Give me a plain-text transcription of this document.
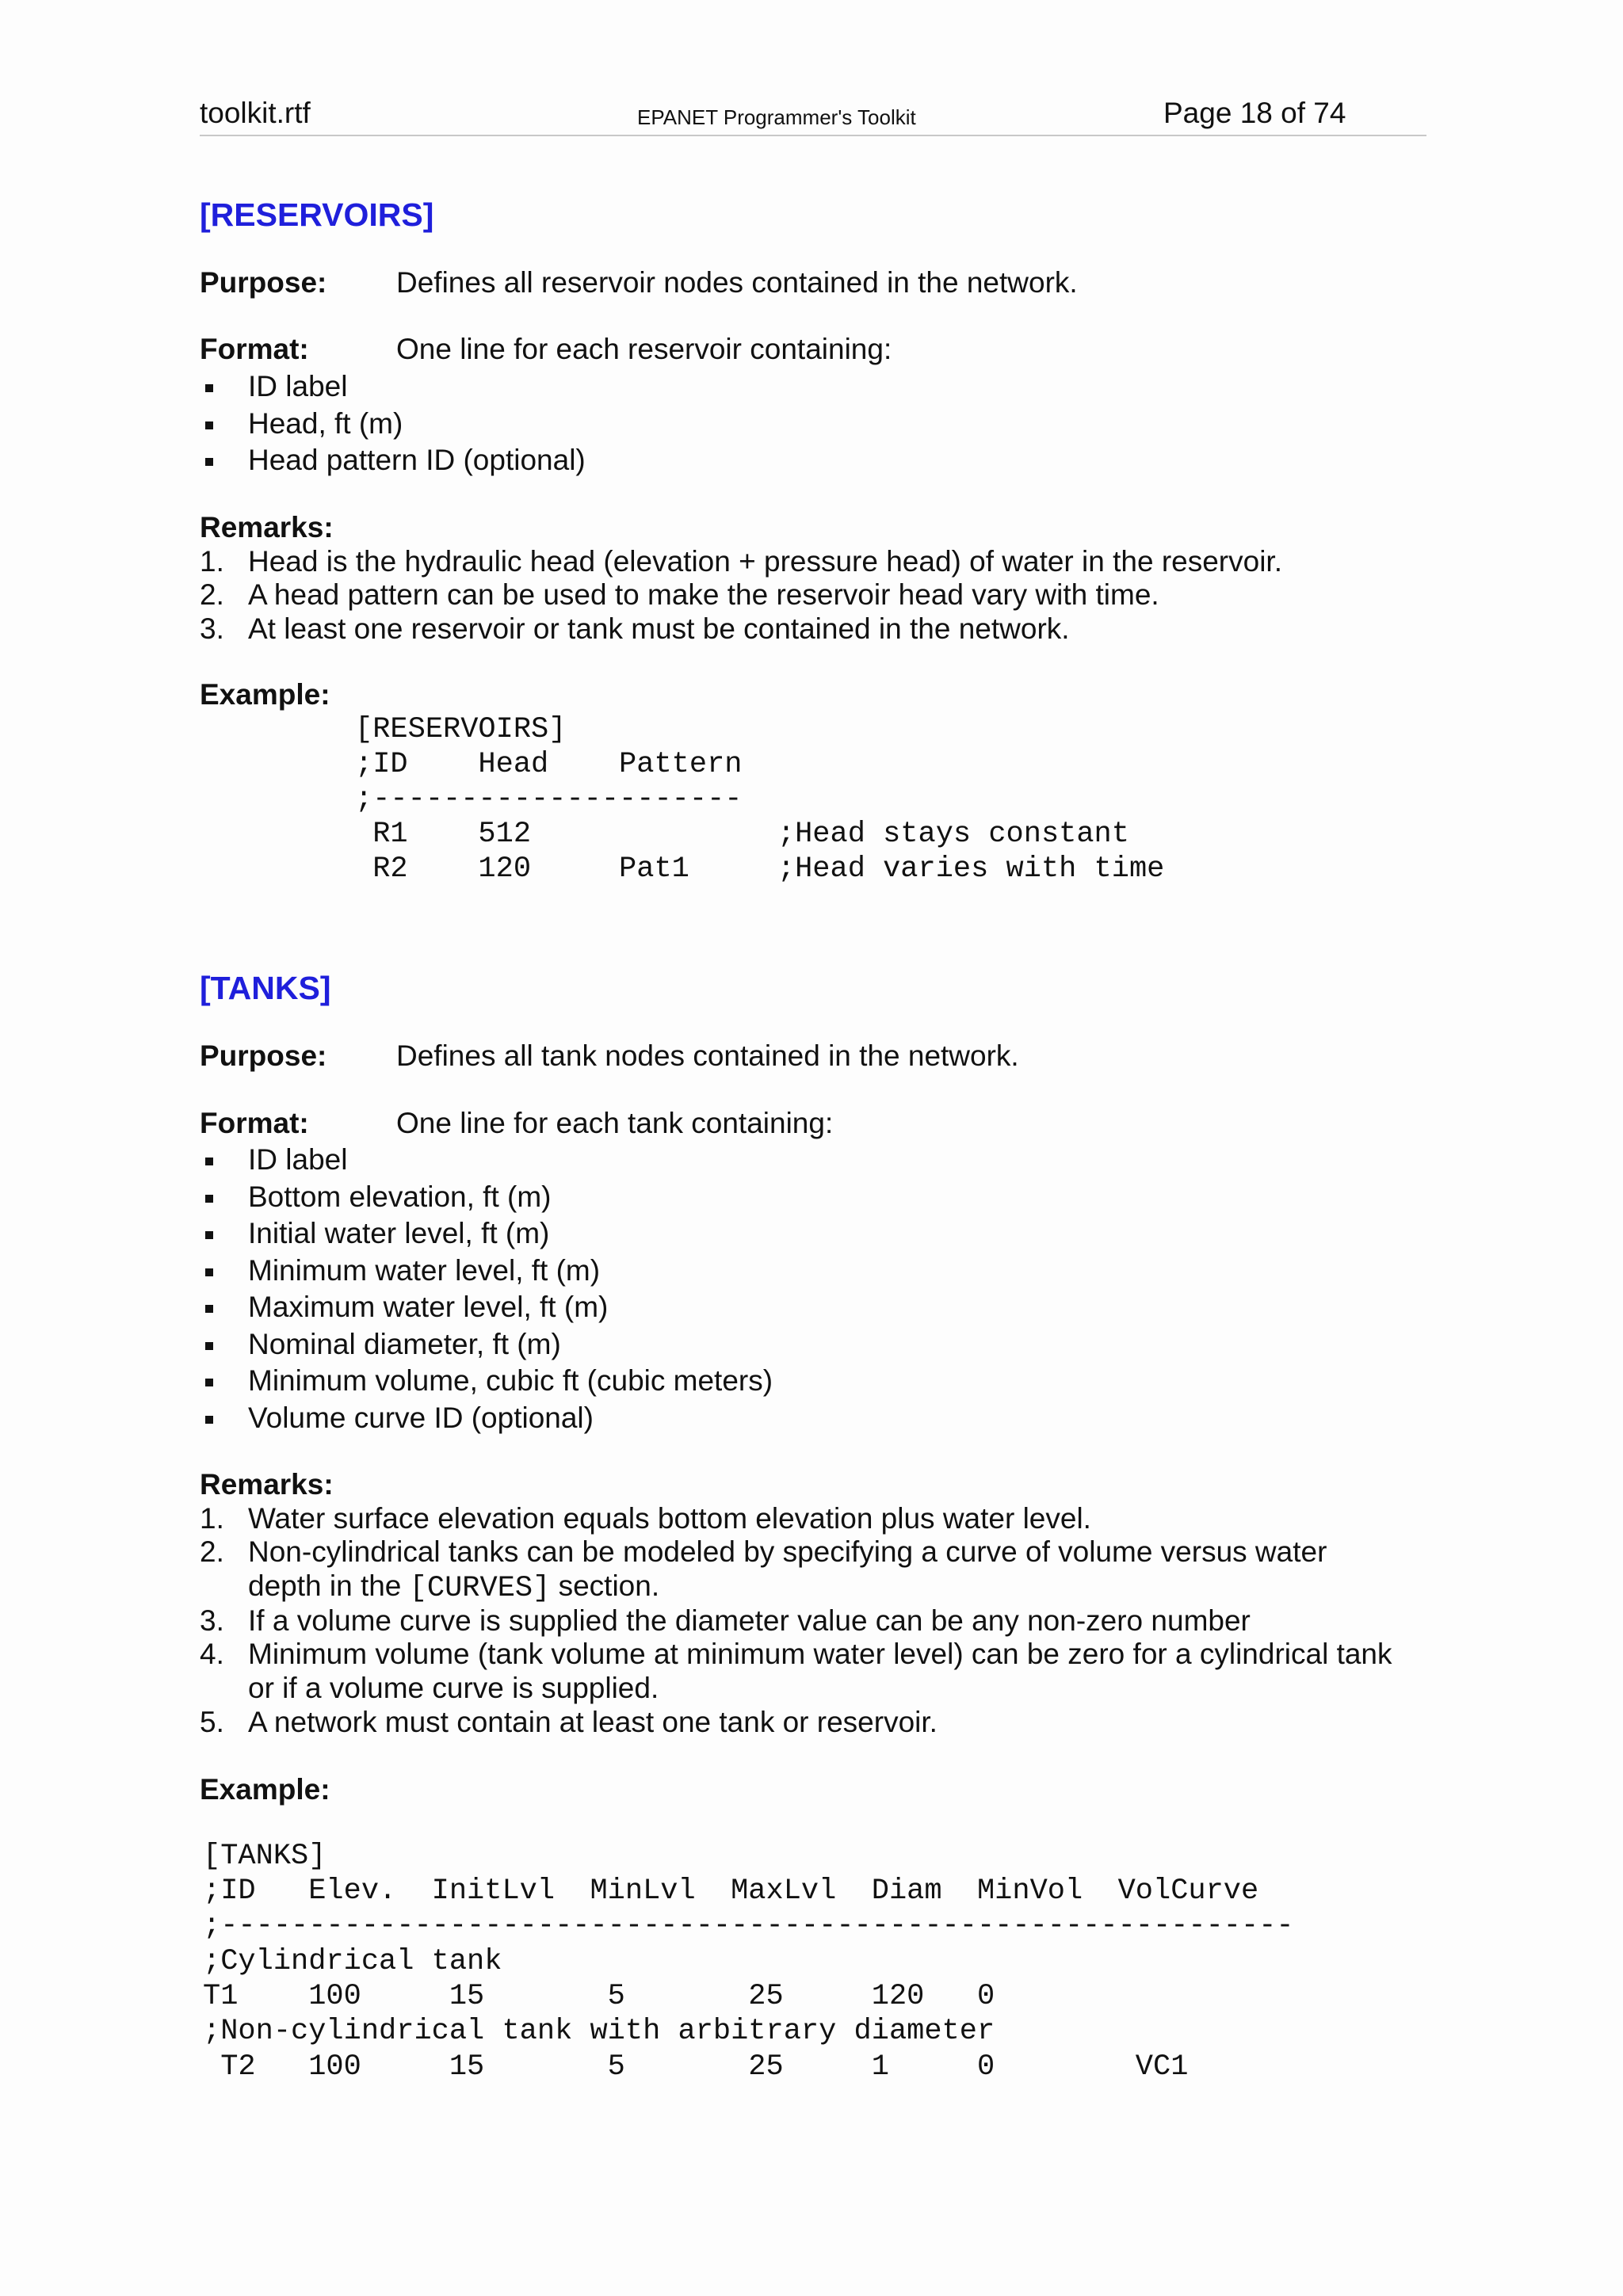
toolkit.rtf	EPANET Programmer's Toolkit	Page 18 of 74
[RESERVOIRS]
Purpose: Defines all reservoir nodes contained in the network.
Format:	One line for each reservoir containing:
ID label
Head, ft (m)
Head pattern ID (optional)
Remarks:
1. Head is the hydraulic head (elevation + pressure head) of water in the reservoir.
2. A head pattern can be used to make the reservoir head vary with time.
3. At least one reservoir or tank must be contained in the network.
Example:
[RESERVOIRS]
;ID    Head    Pattern
;---------------------
R1    512              ;Head stays constant
R2    120     Pat1     ;Head varies with time
[TANKS]
Purpose: Defines all tank nodes contained in the network.
Format:	One line for each tank containing:
ID label
Bottom elevation, ft (m)
Initial water level, ft (m)
Minimum water level, ft (m)
Maximum water level, ft (m)
Nominal diameter, ft (m)
Minimum volume, cubic ft (cubic meters)
Volume curve ID (optional)
Remarks:
1. Water surface elevation equals bottom elevation plus water level.
2. Non-cylindrical tanks can be modeled by specifying a curve of volume versus water
depth in the [CURVES] section.
3. If a volume curve is supplied the diameter value can be any non-zero number
4. Minimum volume (tank volume at minimum water level) can be zero for a cylindrical tank
or if a volume curve is supplied.
5. A network must contain at least one tank or reservoir.
Example:
[TANKS]
;ID   Elev.  InitLvl  MinLvl  MaxLvl  Diam  MinVol  VolCurve
;-------------------------------------------------------------
;Cylindrical tank
T1    100     15       5       25     120   0
;Non-cylindrical tank with arbitrary diameter
T2   100     15       5       25     1     0        VC1
